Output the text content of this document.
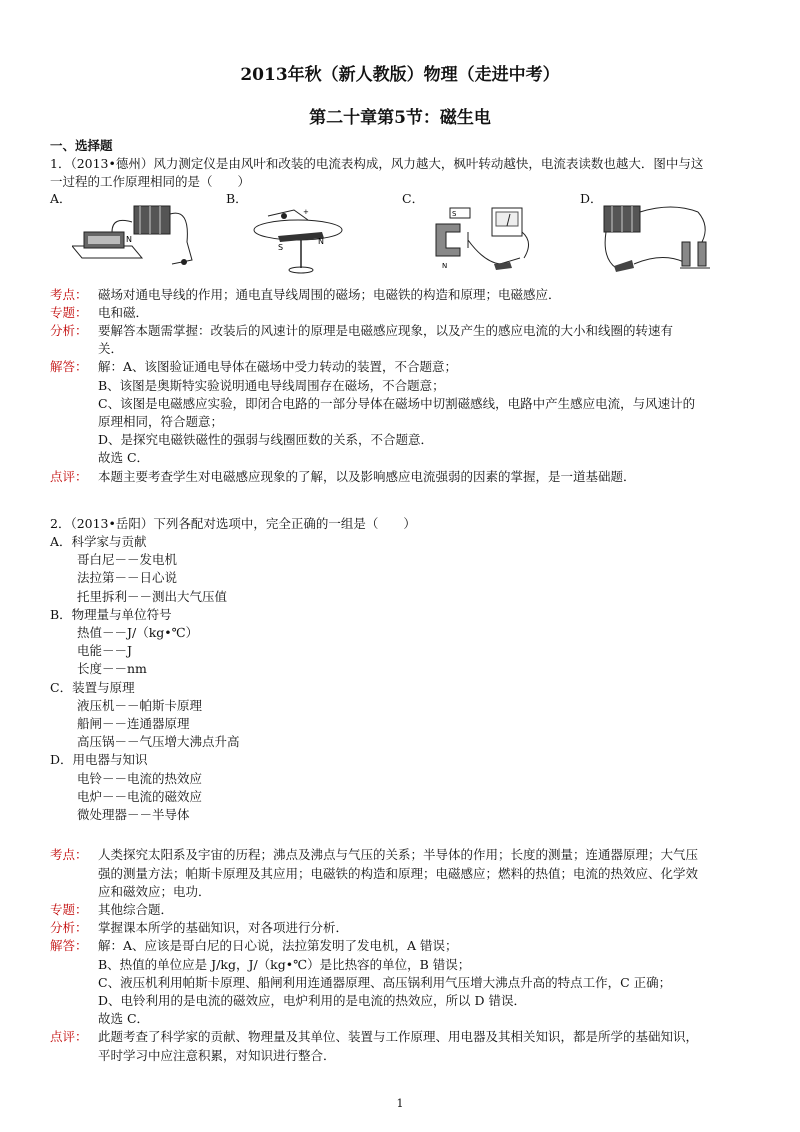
2013年秋（新人教版）物理（走进中考）
第二十章第5节：磁生电
一、选择题
1．（2013•德州）风力测定仪是由风叶和改装的电流表构成，风力越大，枫叶转动越快，电流表读数也越大．图中与这
一过程的工作原理相同的是（　　）
A．
N
B．
+
S
N
C．
S
N
D．
考点： 磁场对通电导线的作用；通电直导线周围的磁场；电磁铁的构造和原理；电磁感应．
专题： 电和磁．
分析： 要解答本题需掌握：改装后的风速计的原理是电磁感应现象，以及产生的感应电流的大小和线圈的转速有
关．
解答： 解：A、该图验证通电导体在磁场中受力转动的装置，不合题意；
B、该图是奥斯特实验说明通电导线周围存在磁场，不合题意；
C、该图是电磁感应实验，即闭合电路的一部分导体在磁场中切割磁感线，电路中产生感应电流，与风速计的
原理相同，符合题意；
D、是探究电磁铁磁性的强弱与线圈匝数的关系，不合题意．
故选 C．
点评： 本题主要考查学生对电磁感应现象的了解，以及影响感应电流强弱的因素的掌握，是一道基础题．
2．（2013•岳阳）下列各配对选项中，完全正确的一组是（　　）
A．科学家与贡献
哥白尼－－发电机
法拉第－－日心说
托里拆利－－测出大气压值
B．物理量与单位符号
热值－－J/（kg•℃）
电能－－J
长度－－nm
C．装置与原理
液压机－－帕斯卡原理
船闸－－连通器原理
高压锅－－气压增大沸点升高
D．用电器与知识
电铃－－电流的热效应
电炉－－电流的磁效应
微处理器－－半导体
考点： 人类探究太阳系及宇宙的历程；沸点及沸点与气压的关系；半导体的作用；长度的测量；连通器原理；大气压
强的测量方法；帕斯卡原理及其应用；电磁铁的构造和原理；电磁感应；燃料的热值；电流的热效应、化学效
应和磁效应；电功．
专题： 其他综合题．
分析： 掌握课本所学的基础知识，对各项进行分析．
解答： 解：A、应该是哥白尼的日心说，法拉第发明了发电机，A 错误；
B、热值的单位应是 J/kg，J/（kg•℃）是比热容的单位，B 错误；
C、液压机利用帕斯卡原理、船闸利用连通器原理、高压锅利用气压增大沸点升高的特点工作，C 正确；
D、电铃利用的是电流的磁效应，电炉利用的是电流的热效应，所以 D 错误．
故选 C．
点评： 此题考查了科学家的贡献、物理量及其单位、装置与工作原理、用电器及其相关知识，都是所学的基础知识，
平时学习中应注意积累，对知识进行整合．
1
